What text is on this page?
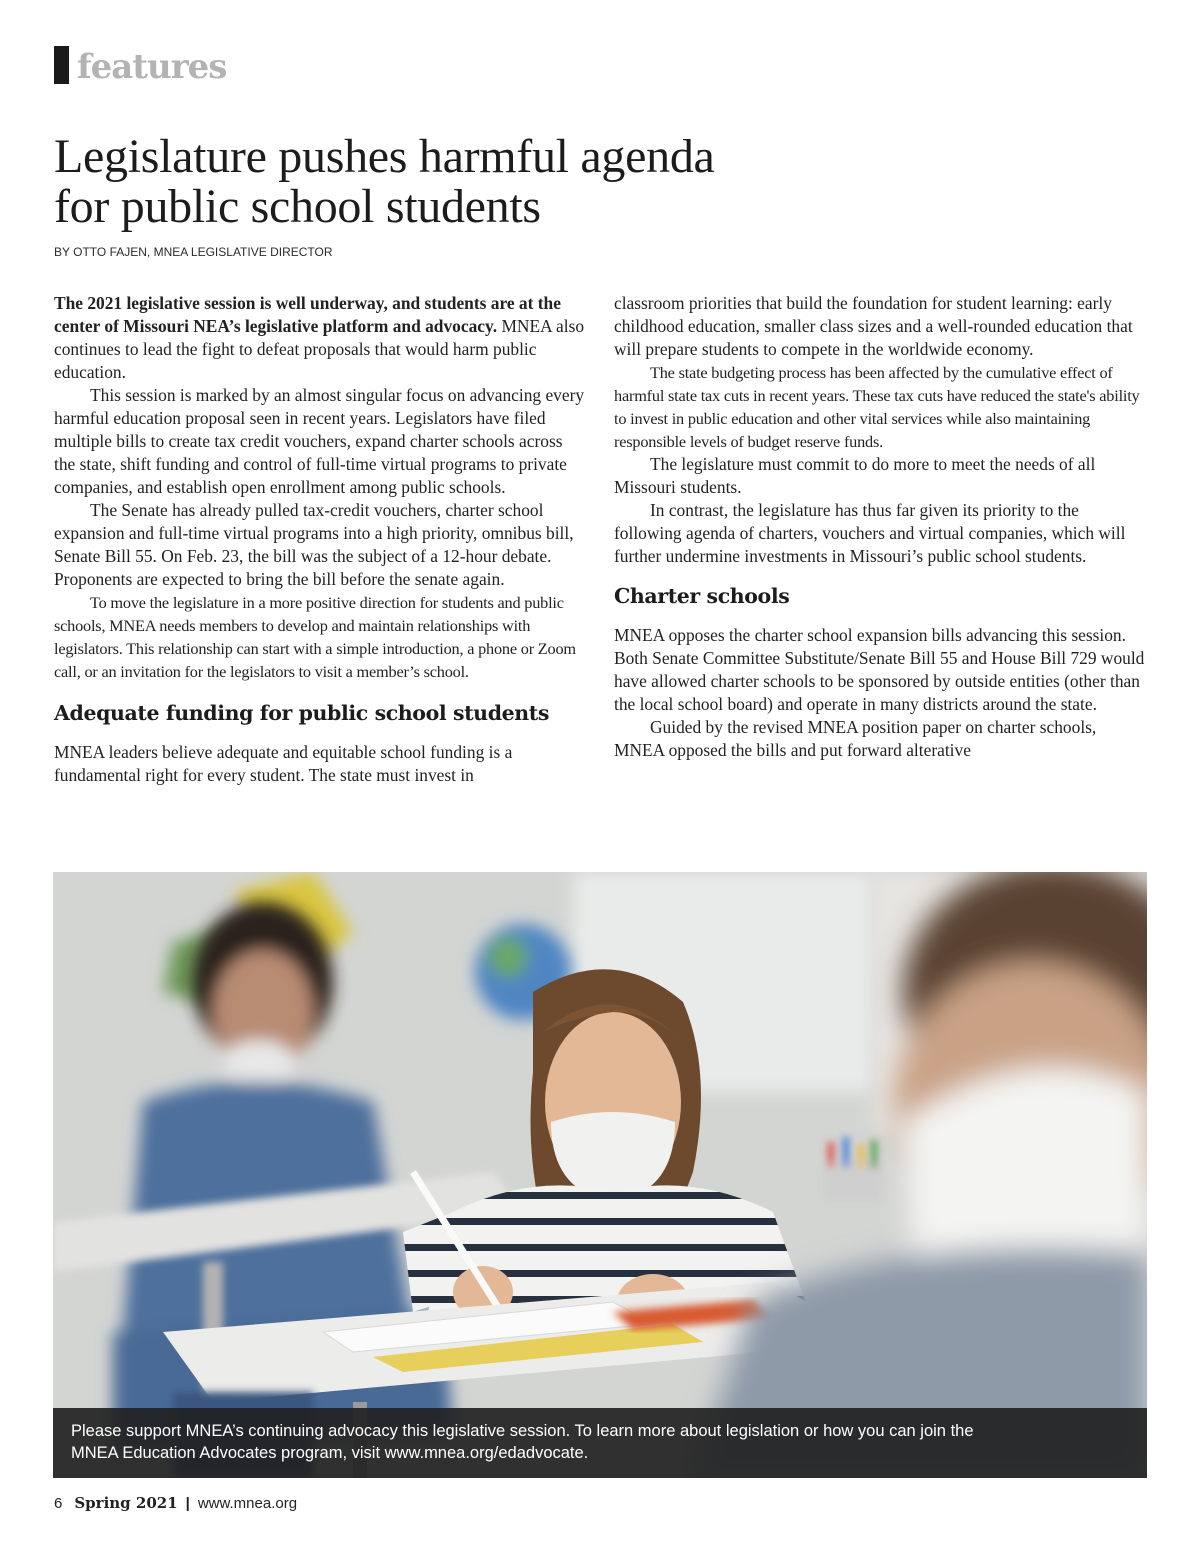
features
Legislature pushes harmful agenda
for public school students
BY OTTO FAJEN, MNEA LEGISLATIVE DIRECTOR

The 2021 legislative session is well underway, and students are at the center of Missouri NEA’s legislative platform and advocacy. MNEA also continues to lead the fight to defeat proposals that would harm public education.

This session is marked by an almost singular focus on advancing every harmful education proposal seen in recent years. Legislators have filed multiple bills to create tax credit vouchers, expand charter schools across the state, shift funding and control of full-time virtual programs to private companies, and establish open enrollment among public schools.

The Senate has already pulled tax-credit vouchers, charter school expansion and full-time virtual programs into a high priority, omnibus bill, Senate Bill 55. On Feb. 23, the bill was the subject of a 12-hour debate. Proponents are expected to bring the bill before the senate again.

To move the legislature in a more positive direction for students and public schools, MNEA needs members to develop and maintain relationships with legislators. This relationship can start with a simple introduction, a phone or Zoom call, or an invitation for the legislators to visit a member’s school.

Adequate funding for public school students

MNEA leaders believe adequate and equitable school funding is a fundamental right for every student. The state must invest in

classroom priorities that build the foundation for student learning: early childhood education, smaller class sizes and a well-rounded education that will prepare students to compete in the worldwide economy.

The state budgeting process has been affected by the cumulative effect of harmful state tax cuts in recent years. These tax cuts have reduced the state's ability to invest in public education and other vital services while also maintaining responsible levels of budget reserve funds.

The legislature must commit to do more to meet the needs of all Missouri students.

In contrast, the legislature has thus far given its priority to the following agenda of charters, vouchers and virtual companies, which will further undermine investments in Missouri’s public school students.

Charter schools

MNEA opposes the charter school expansion bills advancing this session. Both Senate Committee Substitute/Senate Bill 55 and House Bill 729 would have allowed charter schools to be sponsored by outside entities (other than the local school board) and operate in many districts around the state.

Guided by the revised MNEA position paper on charter schools, MNEA opposed the bills and put forward alterative

Please support MNEA’s continuing advocacy this legislative session. To learn more about legislation or how you can join the
MNEA Education Advocates program, visit www.mnea.org/edadvocate.
6 Spring 2021 | www.mnea.org
